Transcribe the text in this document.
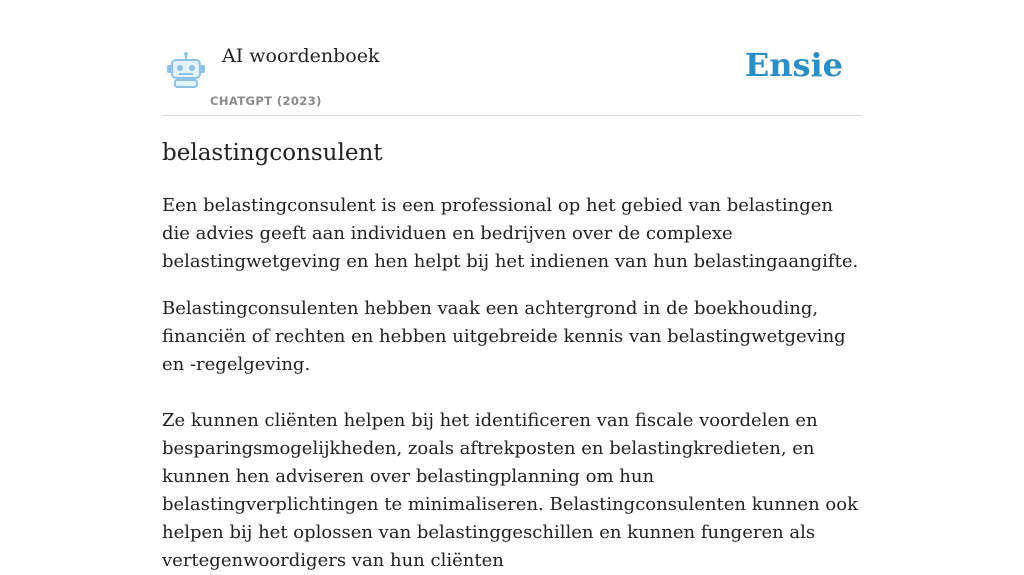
AI woordenboek
CHATGPT (2023)
Ensie
belastingconsulent

Een belastingconsulent is een professional op het gebied van belastingen die advies geeft aan individuen en bedrijven over de complexe belastingwetgeving en hen helpt bij het indienen van hun belastingaangifte.

Belastingconsulenten hebben vaak een achtergrond in de boekhouding, financiën of rechten en hebben uitgebreide kennis van belastingwetgeving en -regelgeving.

Ze kunnen cliënten helpen bij het identificeren van fiscale voordelen en besparingsmogelijkheden, zoals aftrekposten en belastingkredieten, en kunnen hen adviseren over belastingplanning om hun belastingverplichtingen te minimaliseren. Belastingconsulenten kunnen ook helpen bij het oplossen van belastinggeschillen en kunnen fungeren als vertegenwoordigers van hun cliënten
